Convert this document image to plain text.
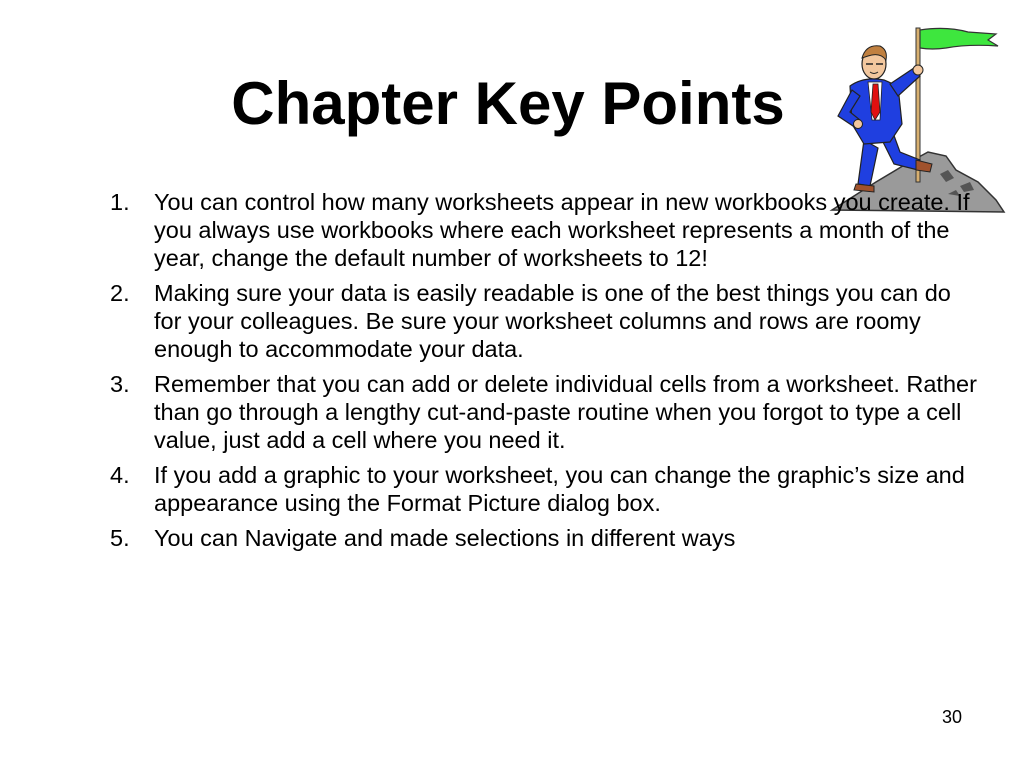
Chapter Key Points
1.	You can control how many worksheets appear in new workbooks you create. If you always use workbooks where each worksheet represents a month of the year, change the default number of worksheets to 12!
2.	Making sure your data is easily readable is one of the best things you can do for your colleagues. Be sure your worksheet columns and rows are roomy enough to accommodate your data.
3.	Remember that you can add or delete individual cells from a worksheet. Rather than go through a lengthy cut-and-paste routine when you forgot to type a cell value, just add a cell where you need it.
4.	If you add a graphic to your worksheet, you can change the graphic’s size and appearance using the Format Picture dialog box.
5.	You can Navigate and made selections in different ways
30
